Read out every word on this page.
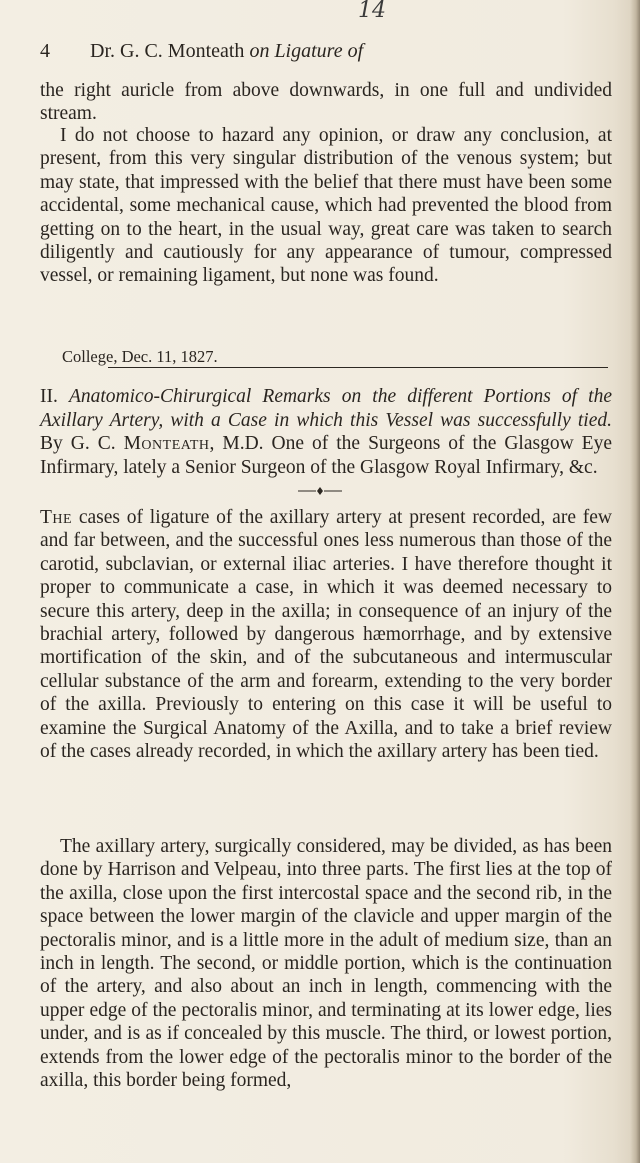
14
4 Dr. G. C. Monteath on Ligature of

the right auricle from above downwards, in one full and undivided stream.

I do not choose to hazard any opinion, or draw any conclusion, at present, from this very singular distribution of the venous system; but may state, that impressed with the belief that there must have been some accidental, some mechanical cause, which had prevented the blood from getting on to the heart, in the usual way, great care was taken to search diligently and cautiously for any appearance of tumour, compressed vessel, or remaining ligament, but none was found.

College, Dec. 11, 1827.
II. Anatomico-Chirurgical Remarks on the different Portions of the Axillary Artery, with a Case in which this Vessel was successfully tied. By G. C. Monteath, M.D. One of the Surgeons of the Glasgow Eye Infirmary, lately a Senior Surgeon of the Glasgow Royal Infirmary, &c.

The cases of ligature of the axillary artery at present recorded, are few and far between, and the successful ones less numerous than those of the carotid, subclavian, or external iliac arteries. I have therefore thought it proper to communicate a case, in which it was deemed necessary to secure this artery, deep in the axilla; in consequence of an injury of the brachial artery, followed by dangerous hæmorrhage, and by extensive mortification of the skin, and of the subcutaneous and intermuscular cellular substance of the arm and forearm, extending to the very border of the axilla. Previously to entering on this case it will be useful to examine the Surgical Anatomy of the Axilla, and to take a brief review of the cases already recorded, in which the axillary artery has been tied.

The axillary artery, surgically considered, may be divided, as has been done by Harrison and Velpeau, into three parts. The first lies at the top of the axilla, close upon the first intercostal space and the second rib, in the space between the lower margin of the clavicle and upper margin of the pectoralis minor, and is a little more in the adult of medium size, than an inch in length. The second, or middle portion, which is the continuation of the artery, and also about an inch in length, commencing with the upper edge of the pectoralis minor, and terminating at its lower edge, lies under, and is as if concealed by this muscle. The third, or lowest portion, extends from the lower edge of the pectoralis minor to the border of the axilla, this border being formed,
